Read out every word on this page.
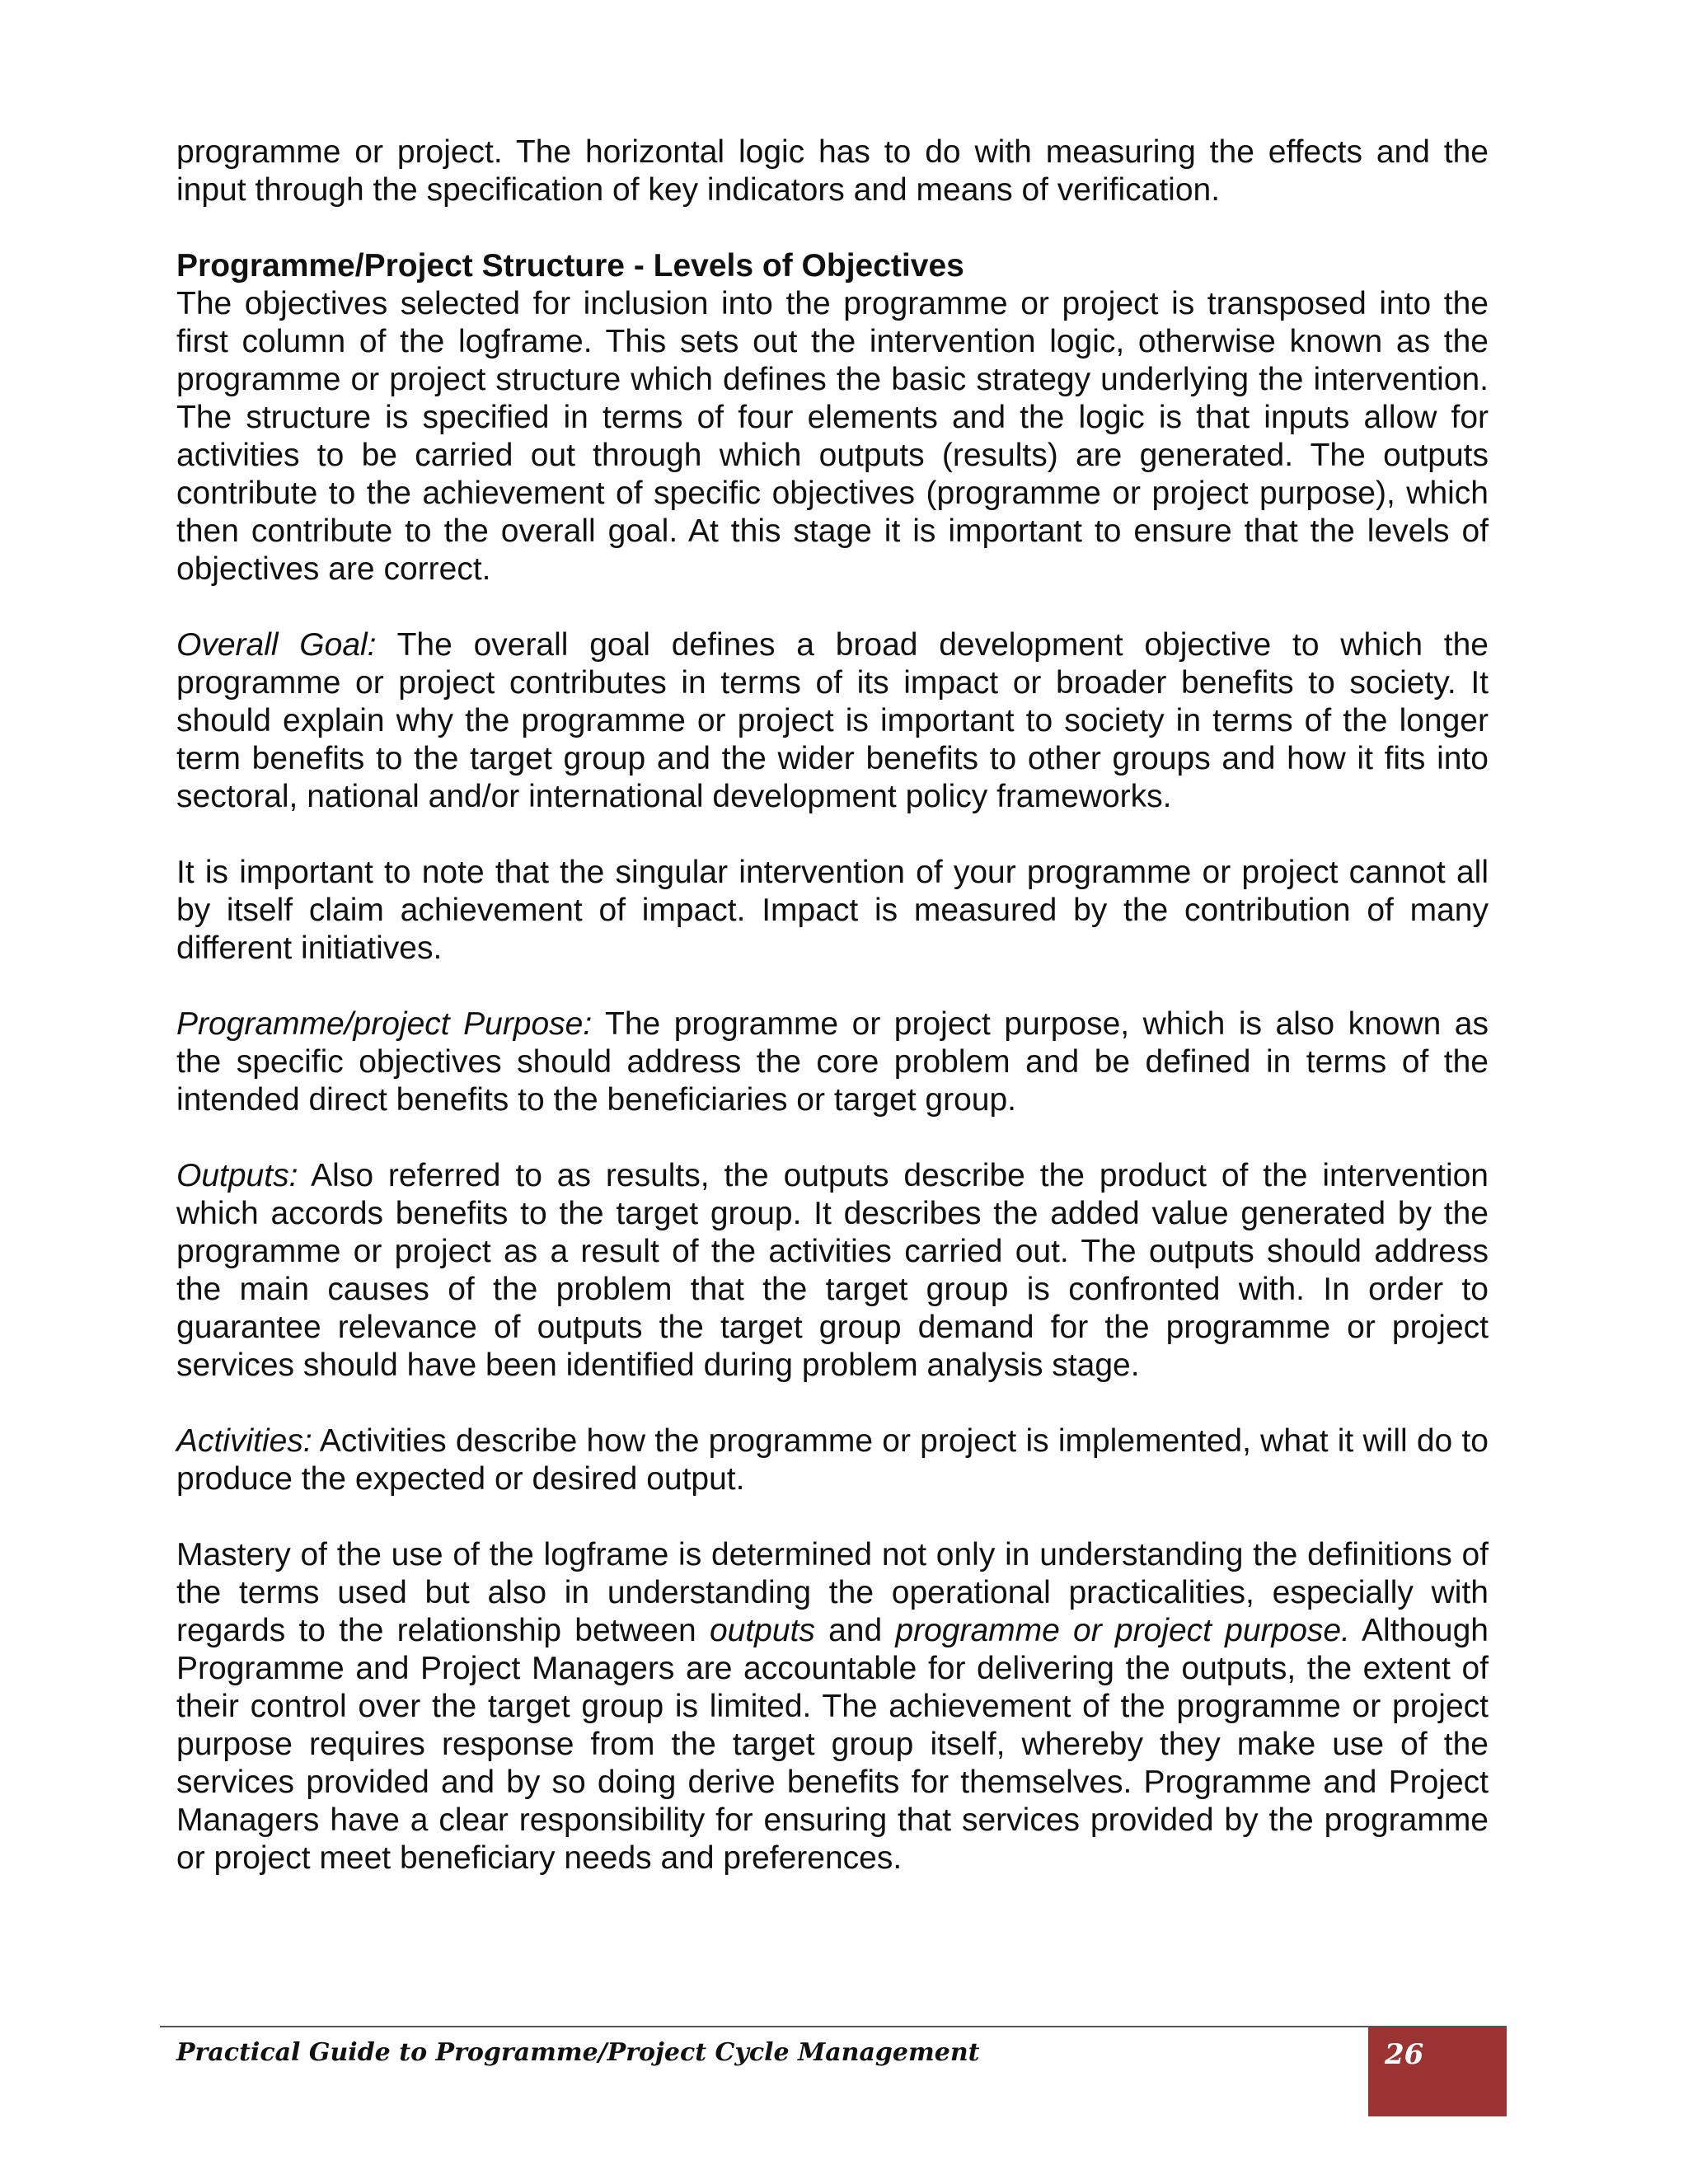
programme or project. The horizontal logic has to do with measuring the effects and the input through the specification of key indicators and means of verification.

Programme/Project Structure - Levels of Objectives

The objectives selected for inclusion into the programme or project is transposed into the first column of the logframe. This sets out the intervention logic, otherwise known as the programme or project structure which defines the basic strategy underlying the intervention. The structure is specified in terms of four elements and the logic is that inputs allow for activities to be carried out through which outputs (results) are generated. The outputs contribute to the achievement of specific objectives (programme or project purpose), which then contribute to the overall goal. At this stage it is important to ensure that the levels of objectives are correct.

Overall Goal: The overall goal defines a broad development objective to which the programme or project contributes in terms of its impact or broader benefits to society. It should explain why the programme or project is important to society in terms of the longer term benefits to the target group and the wider benefits to other groups and how it fits into sectoral, national and/or international development policy frameworks.

It is important to note that the singular intervention of your programme or project cannot all by itself claim achievement of impact. Impact is measured by the contribution of many different initiatives.

Programme/project Purpose: The programme or project purpose, which is also known as the specific objectives should address the core problem and be defined in terms of the intended direct benefits to the beneficiaries or target group.

Outputs: Also referred to as results, the outputs describe the product of the intervention which accords benefits to the target group. It describes the added value generated by the programme or project as a result of the activities carried out. The outputs should address the main causes of the problem that the target group is confronted with. In order to guarantee relevance of outputs the target group demand for the programme or project services should have been identified during problem analysis stage.

Activities: Activities describe how the programme or project is implemented, what it will do to produce the expected or desired output.

Mastery of the use of the logframe is determined not only in understanding the definitions of the terms used but also in understanding the operational practicalities, especially with regards to the relationship between outputs and programme or project purpose. Although Programme and Project Managers are accountable for delivering the outputs, the extent of their control over the target group is limited. The achievement of the programme or project purpose requires response from the target group itself, whereby they make use of the services provided and by so doing derive benefits for themselves. Programme and Project Managers have a clear responsibility for ensuring that services provided by the programme or project meet beneficiary needs and preferences.

Practical Guide to Programme/Project Cycle Management	26
